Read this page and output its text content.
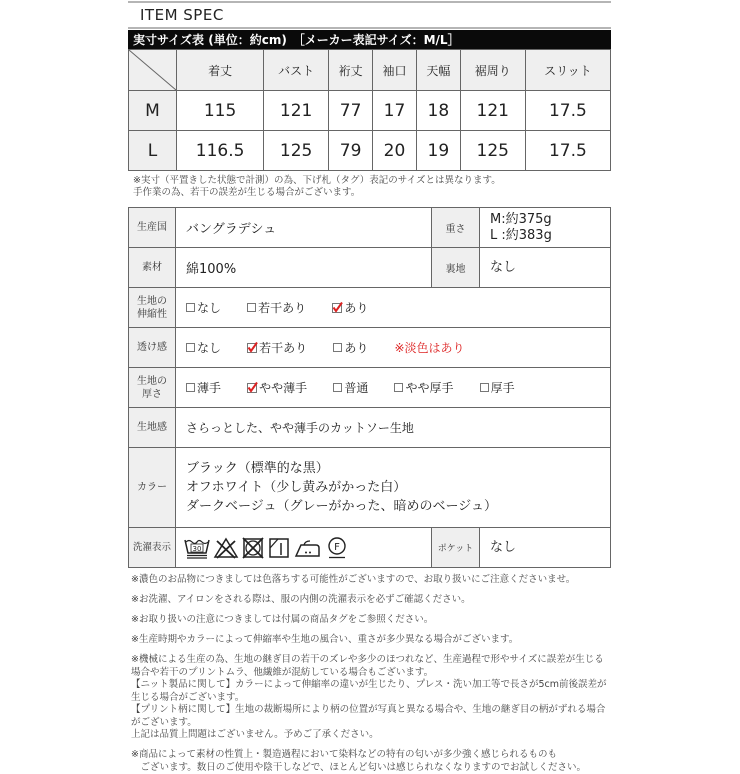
ITEM SPEC
実寸サイズ表 (単位：約cm)　［メーカー表記サイズ：M/L］
	着丈	バスト	裄丈	袖口	天幅	裾周り	スリット
M	115	121	77	17	18	121	17.5
L	116.5	125	79	20	19	125	17.5
※実寸（平置きした状態で計測）の為、下げ札（タグ）表記のサイズとは異なります。
手作業の為、若干の誤差が生じる場合がございます。
生産国	バングラデシュ	重さ	M:約375g
L :約383g

素材	綿100%	裏地	なし

生地の
伸縮性	なし 若干あり あり		
透け感	なし 若干あり あり ※淡色はあり		

生地の
厚さ	薄手 やや薄手 普通 やや厚手 厚手		
生地感	さらっとした、やや薄手のカットソー生地		
カラー	ブラック（標準的な黒）
オフホワイト（少し黄みがかった白）
ダークベージュ（グレーがかった、暗めのベージュ）		

洗濯表示	30 F	ポケット	なし

※濃色のお品物につきましては色落ちする可能性がございますので、お取り扱いにご注意くださいませ。

※お洗濯、アイロンをされる際は、服の内側の洗濯表示を必ずご確認ください。

※お取り扱いの注意につきましては付属の商品タグをご参照ください。

※生産時期やカラーによって伸縮率や生地の風合い、重さが多少異なる場合がございます。

※機械による生産の為、生地の継ぎ目の若干のズレや多少のほつれなど、生産過程で形やサイズに誤差が生じる場合や若干のプリントムラ、他繊維が混紡している場合もございます。

【ニット製品に関して】カラーによって伸縮率の違いが生じたり、プレス・洗い加工等で長さが5cm前後誤差が生じる場合がございます。

【プリント柄に関して】生地の裁断場所により柄の位置が写真と異なる場合や、生地の継ぎ目の柄がずれる場合がございます。

上記は品質上問題はございません。予めご了承ください。

※商品によって素材の性質上・製造過程において染料などの特有の匂いが多少強く感じられるものも

　ございます。数日のご使用や陰干しなどで、ほとんど匂いは感じられなくなりますのでお試しください。
